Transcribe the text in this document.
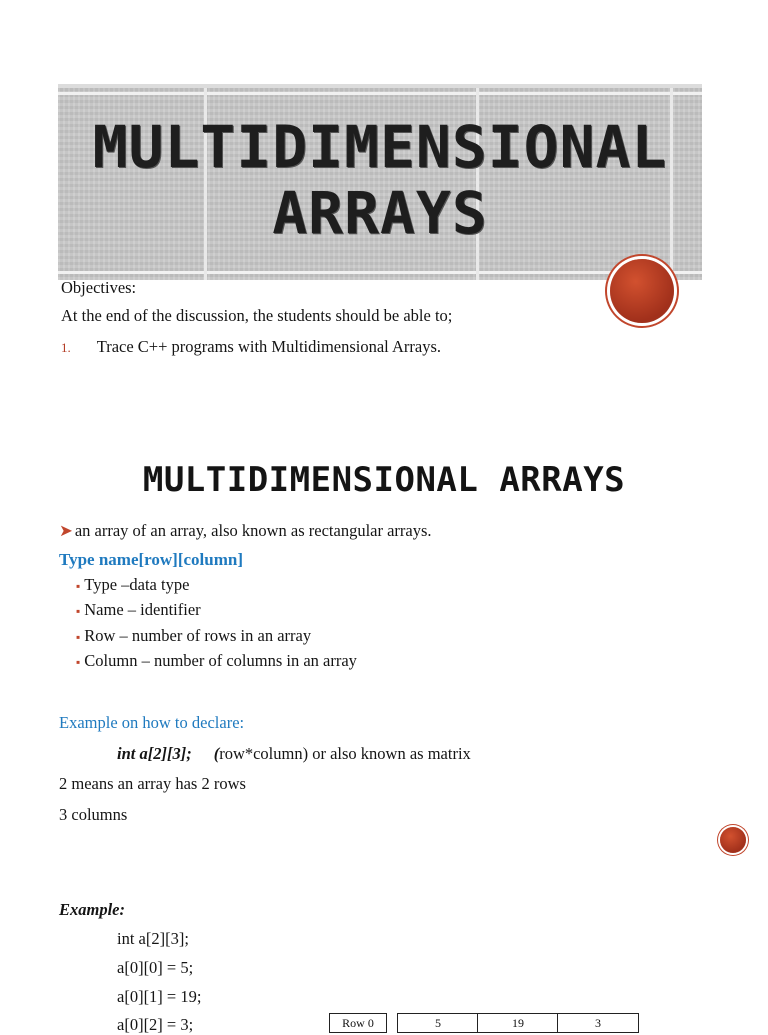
MULTIDIMENSIONAL
ARRAYS
Objectives:
At the end of the discussion, the students should be able to;
1. Trace C++ programs with Multidimensional Arrays.
MULTIDIMENSIONAL ARRAYS
➤ an array of an array, also known as rectangular arrays.
Type name[row][column]
▪ Type –data type
▪ Name – identifier
▪ Row – number of rows in an array
▪ Column – number of columns in an array
Example on how to declare:
int a[2][3]; (row*column) or also known as matrix
2 means an array has 2 rows
3 columns
Example:
int a[2][3];
a[0][0] = 5;
a[0][1] = 19;
a[0][2] = 3;	Row 0	5	19	3
